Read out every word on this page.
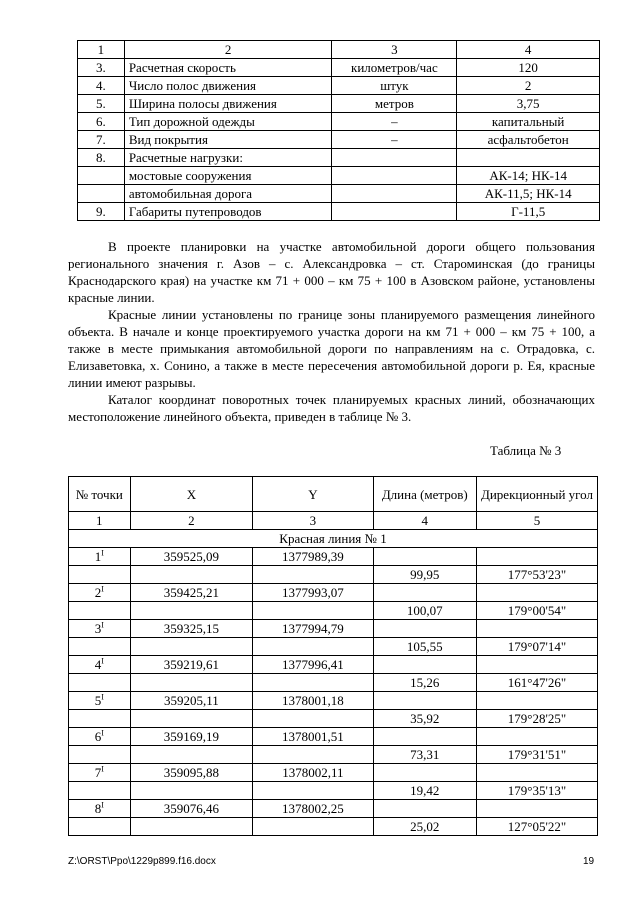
1	2	3	4
3.	Расчетная скорость	километров/час	120
4.	Число полос движения	штук	2
5.	Ширина полосы движения	метров	3,75
6.	Тип дорожной одежды	–	капитальный
7.	Вид покрытия	–	асфальтобетон
8.	Расчетные нагрузки:		
	мостовые сооружения		АК-14; НК-14
	автомобильная дорога		АК-11,5; НК-14
9.	Габариты путепроводов		Г-11,5

В проекте планировки на участке автомобильной дороги общего пользования регионального значения г. Азов – с. Александровка – ст. Староминская (до границы Краснодарского края) на участке км 71 + 000 – км 75 + 100 в Азовском районе, установлены красные линии.

Красные линии установлены по границе зоны планируемого размещения линейного объекта. В начале и конце проектируемого участка дороги на км 71 + 000 – км 75 + 100, а также в месте примыкания автомобильной дороги по направлениям на с. Отрадовка, с. Елизаветовка, х. Сонино, а также в месте пересечения автомобильной дороги р. Ея, красные линии имеют разрывы.

Каталог координат поворотных точек планируемых красных линий, обозначающих местоположение линейного объекта, приведен в таблице № 3.

Таблица № 3
№ точки	X	Y	Длина (метров)	Дирекционный угол
1	2	3	4	5
Красная линия № 1				
$1^I$	359525,09	1377989,39		
			99,95	177°53'23"
$2^I$	359425,21	1377993,07		
			100,07	179°00'54"
$3^I$	359325,15	1377994,79		
			105,55	179°07'14"
$4^I$	359219,61	1377996,41		
			15,26	161°47'26"
$5^I$	359205,11	1378001,18		
			35,92	179°28'25"
$6^I$	359169,19	1378001,51		
			73,31	179°31'51"
$7^I$	359095,88	1378002,11		
			19,42	179°35'13"
$8^I$	359076,46	1378002,25		
			25,02	127°05'22"
Z:\ORST\Ppo\1229p899.f16.docx	19
